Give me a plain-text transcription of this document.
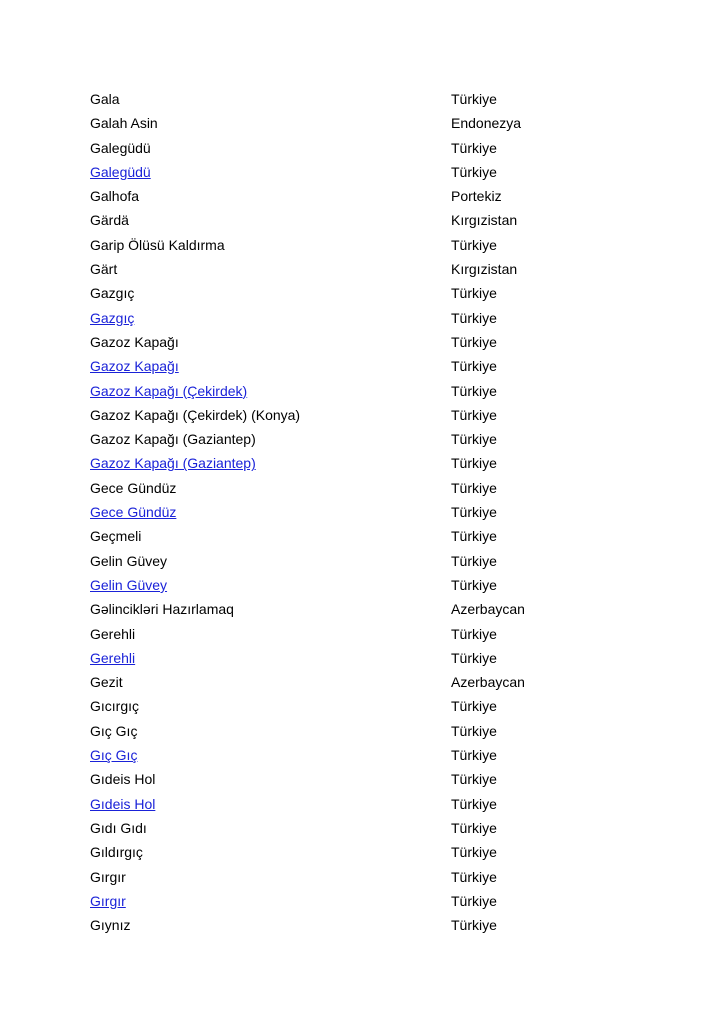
Gala	Türkiye
Galah Asin	Endonezya
Galegüdü	Türkiye
Galegüdü	Türkiye
Galhofa	Portekiz
Gärdä	Kırgızistan
Garip Ölüsü Kaldırma	Türkiye
Gärt	Kırgızistan
Gazgıç	Türkiye
Gazgıç	Türkiye
Gazoz Kapağı	Türkiye
Gazoz Kapağı	Türkiye
Gazoz Kapağı (Çekirdek)	Türkiye
Gazoz Kapağı (Çekirdek) (Konya)	Türkiye
Gazoz Kapağı (Gaziantep)	Türkiye
Gazoz Kapağı (Gaziantep)	Türkiye
Gece Gündüz	Türkiye
Gece Gündüz	Türkiye
Geçmeli	Türkiye
Gelin Güvey	Türkiye
Gelin Güvey	Türkiye
Gəlincikləri Hazırlamaq	Azerbaycan
Gerehli	Türkiye
Gerehli	Türkiye
Gezit	Azerbaycan
Gıcırgıç	Türkiye
Gıç Gıç	Türkiye
Gıç Gıç	Türkiye
Gıdeis Hol	Türkiye
Gıdeis Hol	Türkiye
Gıdı Gıdı	Türkiye
Gıldırgıç	Türkiye
Gırgır	Türkiye
Gırgır	Türkiye
Gıynız	Türkiye
